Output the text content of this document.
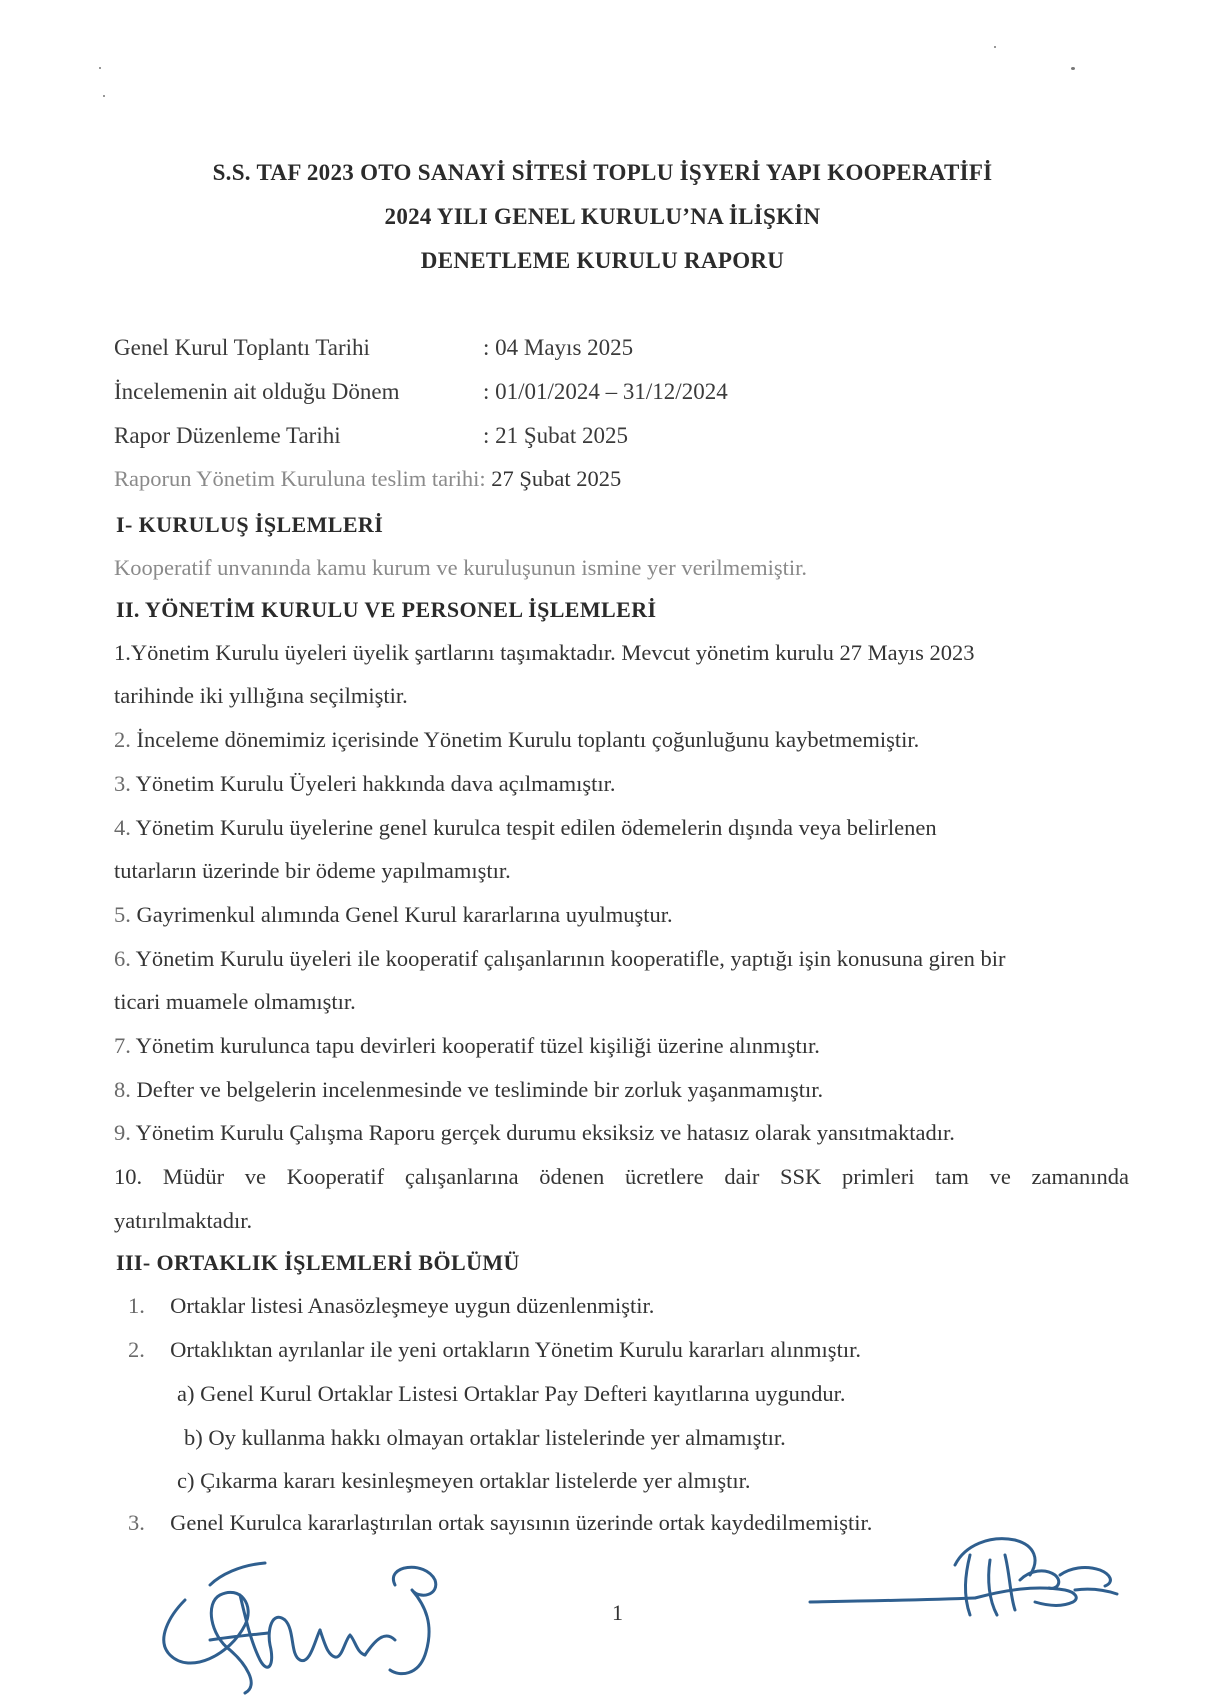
S.S. TAF 2023 OTO SANAYİ SİTESİ TOPLU İŞYERİ YAPI KOOPERATİFİ
2024 YILI GENEL KURULU’NA İLİŞKİN
DENETLEME KURULU RAPORU
Genel Kurul Toplantı Tarihi	: 04 Mayıs 2025
İncelemenin ait olduğu Dönem	: 01/01/2024 – 31/12/2024
Rapor Düzenleme Tarihi	: 21 Şubat 2025
Raporun Yönetim Kuruluna teslim tarihi: 27 Şubat 2025
I- KURULUŞ İŞLEMLERİ
Kooperatif unvanında kamu kurum ve kuruluşunun ismine yer verilmemiştir.
II. YÖNETİM KURULU VE PERSONEL İŞLEMLERİ
1.Yönetim Kurulu üyeleri üyelik şartlarını taşımaktadır. Mevcut yönetim kurulu 27 Mayıs 2023
tarihinde iki yıllığına seçilmiştir.
2. İnceleme dönemimiz içerisinde Yönetim Kurulu toplantı çoğunluğunu kaybetmemiştir.
3. Yönetim Kurulu Üyeleri hakkında dava açılmamıştır.
4. Yönetim Kurulu üyelerine genel kurulca tespit edilen ödemelerin dışında veya belirlenen
tutarların üzerinde bir ödeme yapılmamıştır.
5. Gayrimenkul alımında Genel Kurul kararlarına uyulmuştur.
6. Yönetim Kurulu üyeleri ile kooperatif çalışanlarının kooperatifle, yaptığı işin konusuna giren bir
ticari muamele olmamıştır.
7. Yönetim kurulunca tapu devirleri kooperatif tüzel kişiliği üzerine alınmıştır.
8. Defter ve belgelerin incelenmesinde ve tesliminde bir zorluk yaşanmamıştır.
9. Yönetim Kurulu Çalışma Raporu gerçek durumu eksiksiz ve hatasız olarak yansıtmaktadır.
10. Müdür ve Kooperatif çalışanlarına ödenen ücretlere dair SSK primleri tam ve zamanında
yatırılmaktadır.
III- ORTAKLIK İŞLEMLERİ BÖLÜMÜ
1. Ortaklar listesi Anasözleşmeye uygun düzenlenmiştir.
2. Ortaklıktan ayrılanlar ile yeni ortakların Yönetim Kurulu kararları alınmıştır.
a) Genel Kurul Ortaklar Listesi Ortaklar Pay Defteri kayıtlarına uygundur.
b) Oy kullanma hakkı olmayan ortaklar listelerinde yer almamıştır.
c) Çıkarma kararı kesinleşmeyen ortaklar listelerde yer almıştır.
3. Genel Kurulca kararlaştırılan ortak sayısının üzerinde ortak kaydedilmemiştir.
1
